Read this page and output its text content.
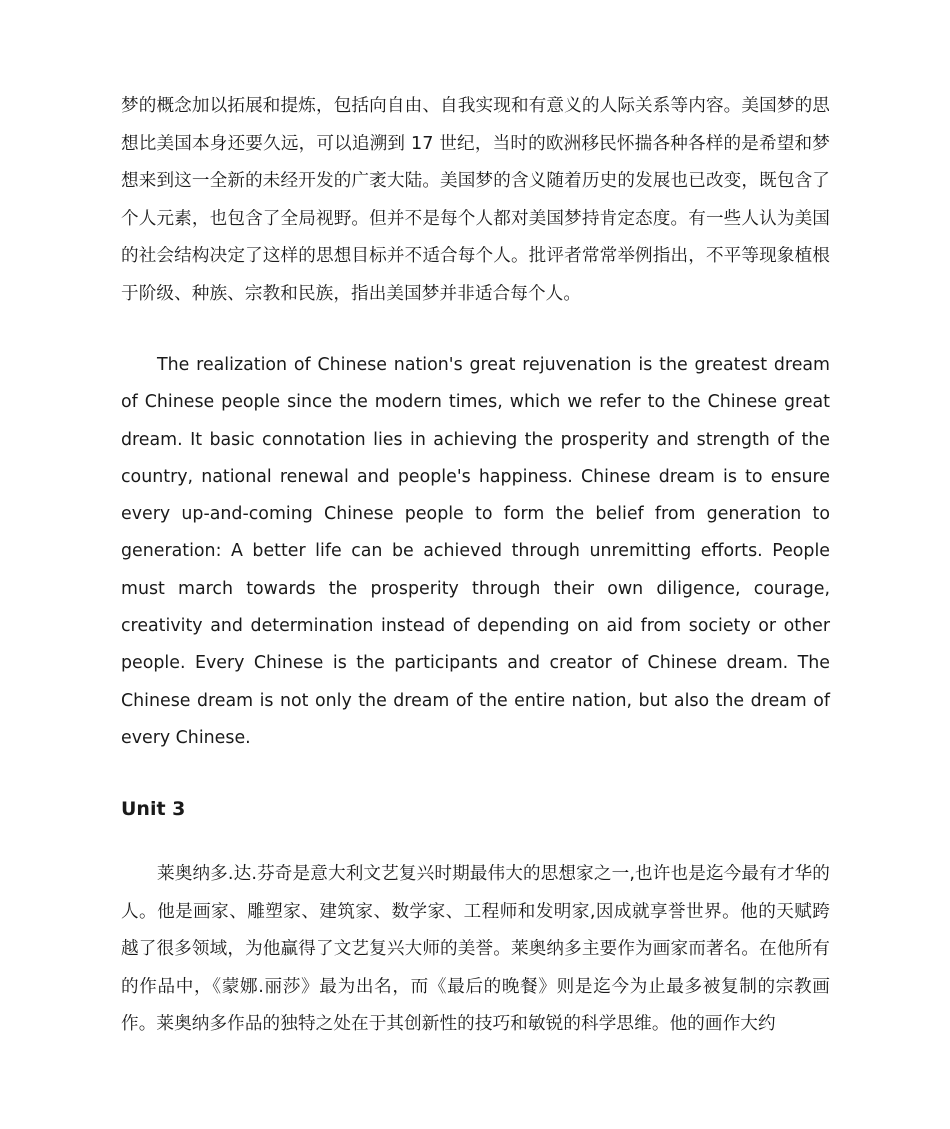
梦的概念加以拓展和提炼，包括向自由、自我实现和有意义的人际关系等内容。美国梦的思想比美国本身还要久远，可以追溯到 17 世纪，当时的欧洲移民怀揣各种各样的是希望和梦想来到这一全新的未经开发的广袤大陆。美国梦的含义随着历史的发展也已改变，既包含了个人元素，也包含了全局视野。但并不是每个人都对美国梦持肯定态度。有一些人认为美国的社会结构决定了这样的思想目标并不适合每个人。批评者常常举例指出，不平等现象植根于阶级、种族、宗教和民族，指出美国梦并非适合每个人。

The realization of Chinese nation's great rejuvenation is the greatest dream of Chinese people since the modern times, which we refer to the Chinese great dream. It basic connotation lies in achieving the prosperity and strength of the country, national renewal and people's happiness. Chinese dream is to ensure every up-and-coming Chinese people to form the belief from generation to generation: A better life can be achieved through unremitting efforts. People must march towards the prosperity through their own diligence, courage, creativity and determination instead of depending on aid from society or other people. Every Chinese is the participants and creator of Chinese dream. The Chinese dream is not only the dream of the entire nation, but also the dream of every Chinese.

Unit 3

莱奥纳多.达.芬奇是意大利文艺复兴时期最伟大的思想家之一,也许也是迄今最有才华的人。他是画家、雕塑家、建筑家、数学家、工程师和发明家,因成就享誉世界。他的天赋跨越了很多领域，为他赢得了文艺复兴大师的美誉。莱奥纳多主要作为画家而著名。在他所有的作品中，《蒙娜.丽莎》最为出名，而《最后的晚餐》则是迄今为止最多被复制的宗教画作。莱奥纳多作品的独特之处在于其创新性的技巧和敏锐的科学思维。他的画作大约
